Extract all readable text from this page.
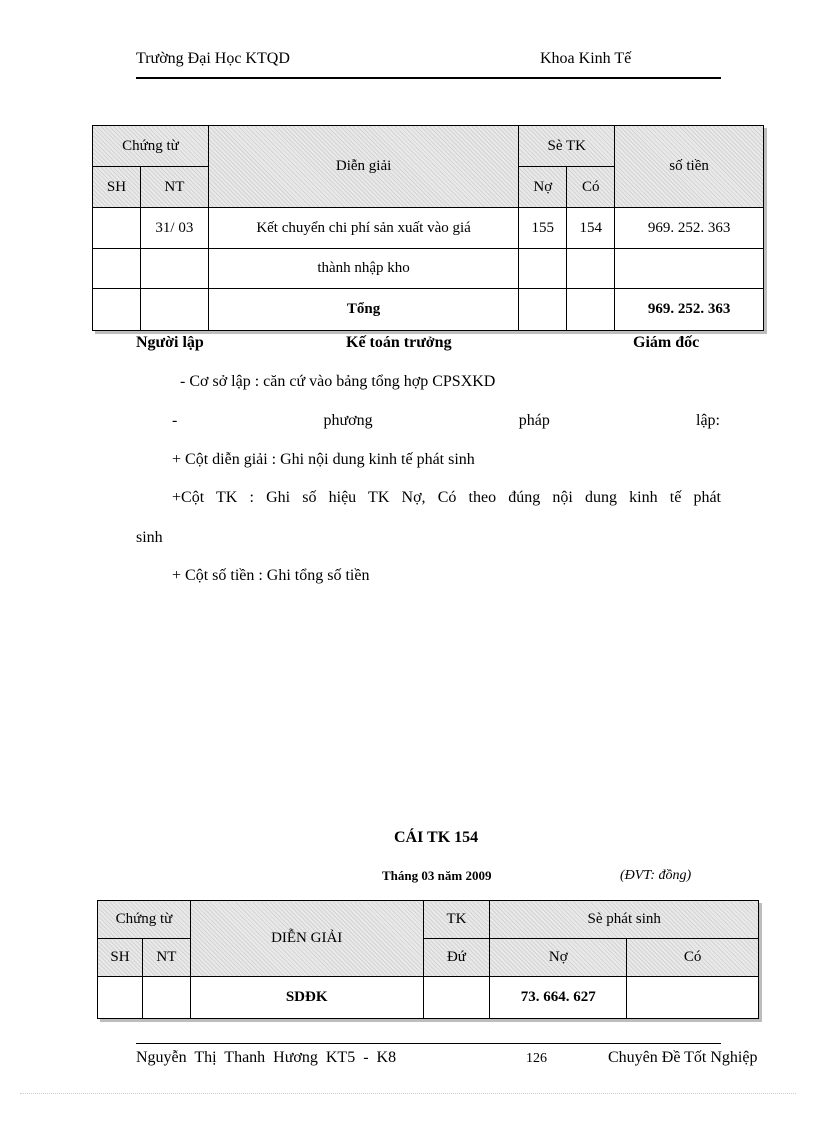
Trường Đại Học KTQD	Khoa Kinh Tế
Chứng từ		Diễn giải	Sè TK		số tiền
SH	NT		Nợ	Có	
	31/ 03	Kết chuyển chi phí sản xuất vào giá	155	154	969. 252. 363
		thành nhập kho			
		Tổng			969. 252. 363
Người lập	Kế toán trưởng	Giám đốc
- Cơ sở lập : căn cứ vào bảng tổng hợp CPSXKD
-	phương	pháp	lập:
+ Cột diễn giải : Ghi nội dung kinh tế phát sinh
+Cột TK : Ghi số hiệu TK Nợ, Có theo đúng nội dung kinh tế phát
sinh
+ Cột số tiền : Ghi tổng số tiền
CÁI TK 154
Tháng 03 năm 2009	(ĐVT: đồng)
Chứng từ		DIỄN GIẢI	TK	Sè phát sinh	
SH	NT		Đứ	Nợ	Có
		SDĐK		73. 664. 627	
Nguyễn  Thị  Thanh  Hương  KT5  -  K8	126	Chuyên Đề Tốt Nghiệp
